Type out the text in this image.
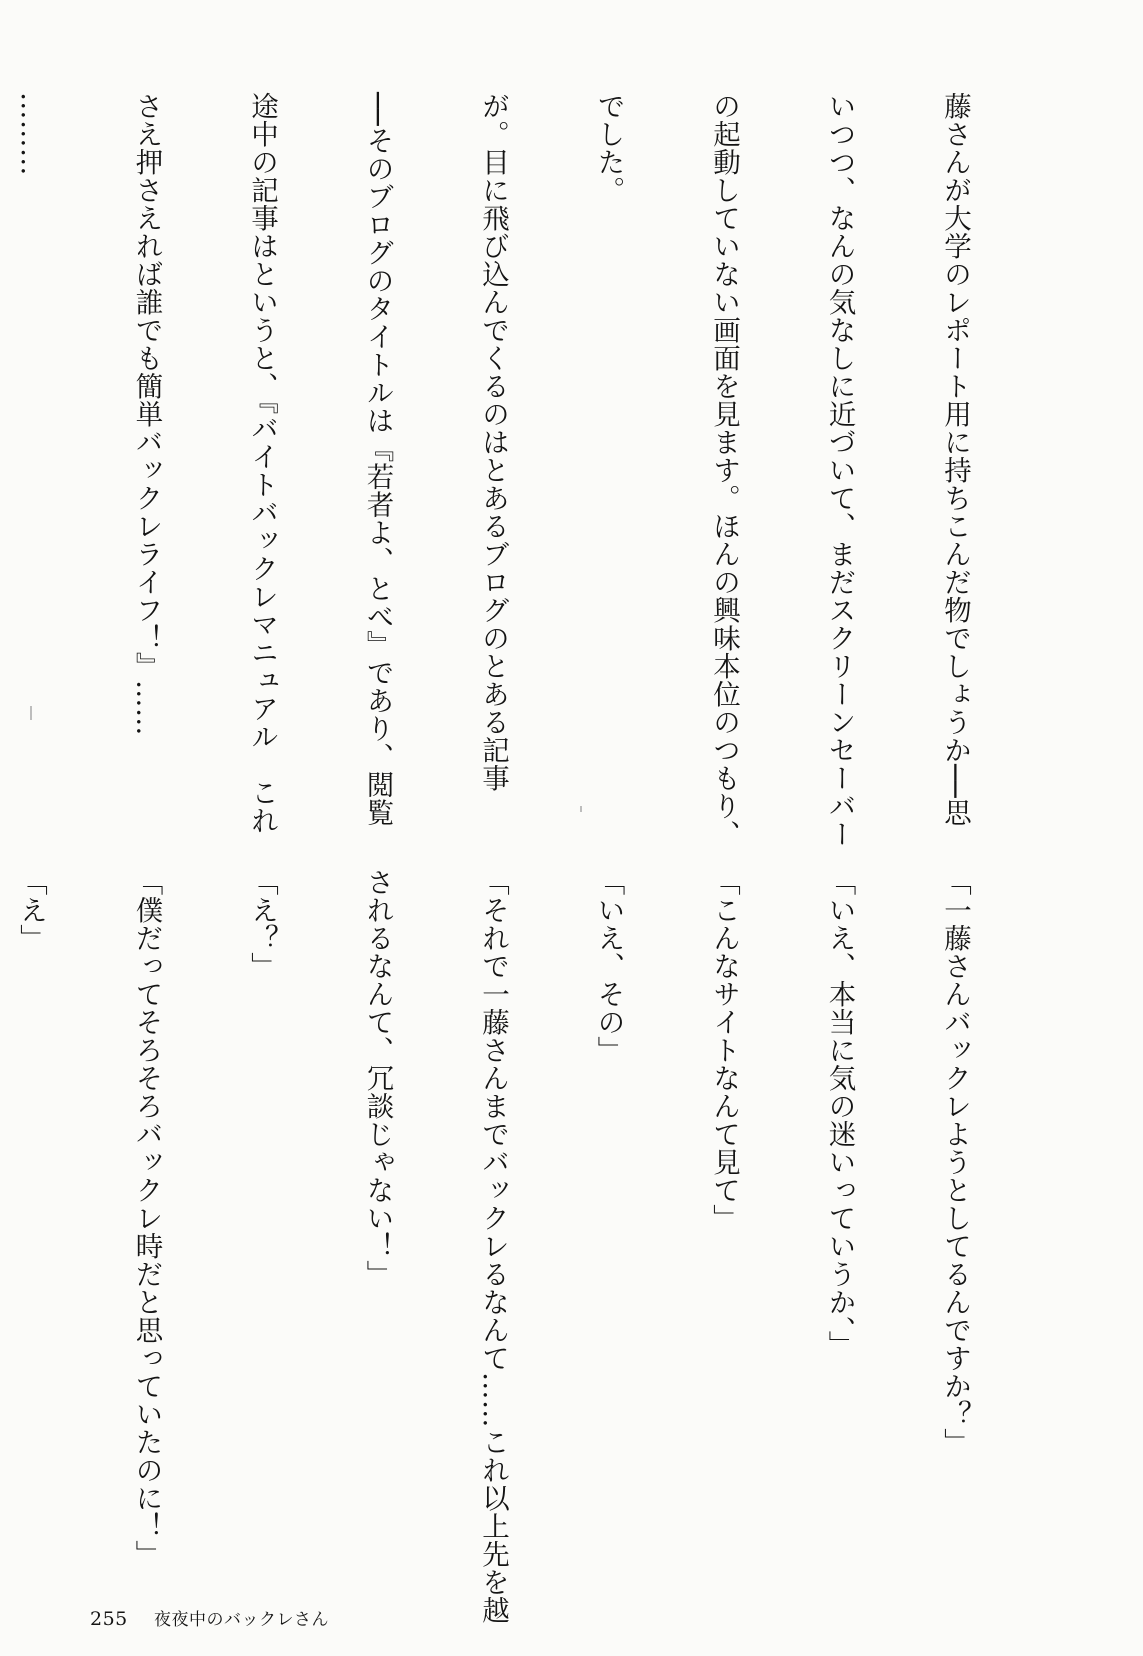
藤さんが大学のレポート用に持ちこんだ物でしょうか──思

いつつ、なんの気なしに近づいて、まだスクリーンセーバー

の起動していない画面を見ます。ほんの興味本位のつもり、

でした。

が。目に飛び込んでくるのはとあるブログのとある記事

──そのブログのタイトルは『若者よ、とべ』であり、閲覧

途中の記事はというと、『バイトバックレマニュアル　これ

さえ押さえれば誰でも簡単バックレライフ！』……

………

「一藤さんバックレようとしてるんですか？」

「いえ、本当に気の迷いっていうか、」

「こんなサイトなんて見て」

「いえ、その」

「それで一藤さんまでバックレるなんて……これ以上先を越

されるなんて、冗談じゃない！」

「え？」

「僕だってそろそろバックレ時だと思っていたのに！」

「え」

255 夜夜中のバックレさん
